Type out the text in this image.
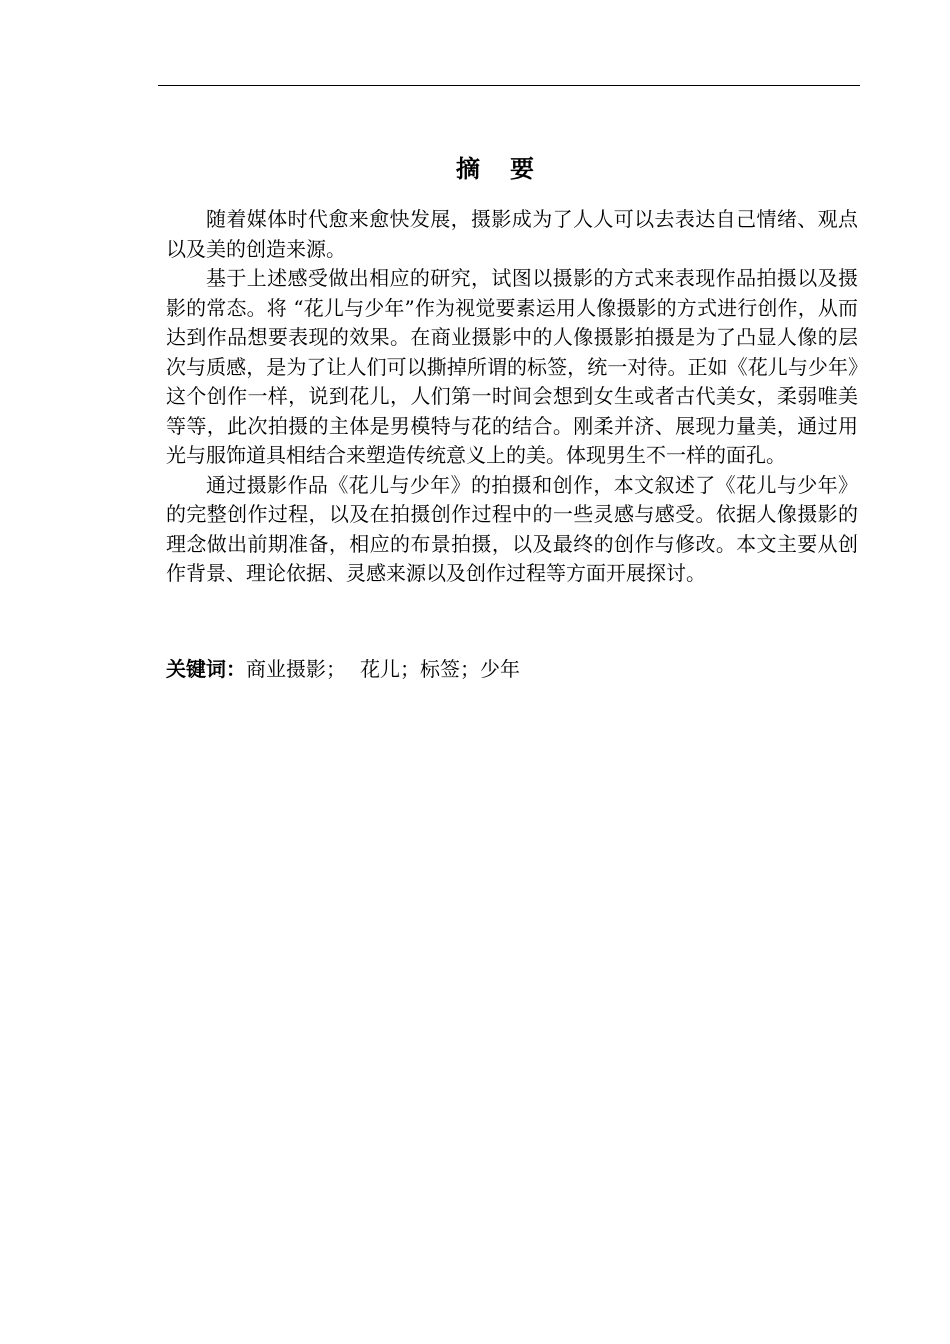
摘要

随着媒体时代愈来愈快发展，摄影成为了人人可以去表达自己情绪、观点以及美的创造来源。

基于上述感受做出相应的研究，试图以摄影的方式来表现作品拍摄以及摄影的常态。将 “花儿与少年”作为视觉要素运用人像摄影的方式进行创作，从而达到作品想要表现的效果。在商业摄影中的人像摄影拍摄是为了凸显人像的层次与质感，是为了让人们可以撕掉所谓的标签，统一对待。正如《花儿与少年》这个创作一样，说到花儿，人们第一时间会想到女生或者古代美女，柔弱唯美等等，此次拍摄的主体是男模特与花的结合。刚柔并济、展现力量美，通过用光与服饰道具相结合来塑造传统意义上的美。体现男生不一样的面孔。

通过摄影作品《花儿与少年》的拍摄和创作，本文叙述了《花儿与少年》的完整创作过程，以及在拍摄创作过程中的一些灵感与感受。依据人像摄影的理念做出前期准备，相应的布景拍摄，以及最终的创作与修改。本文主要从创作背景、理论依据、灵感来源以及创作过程等方面开展探讨。

关键词：商业摄影； 花儿；标签；少年
